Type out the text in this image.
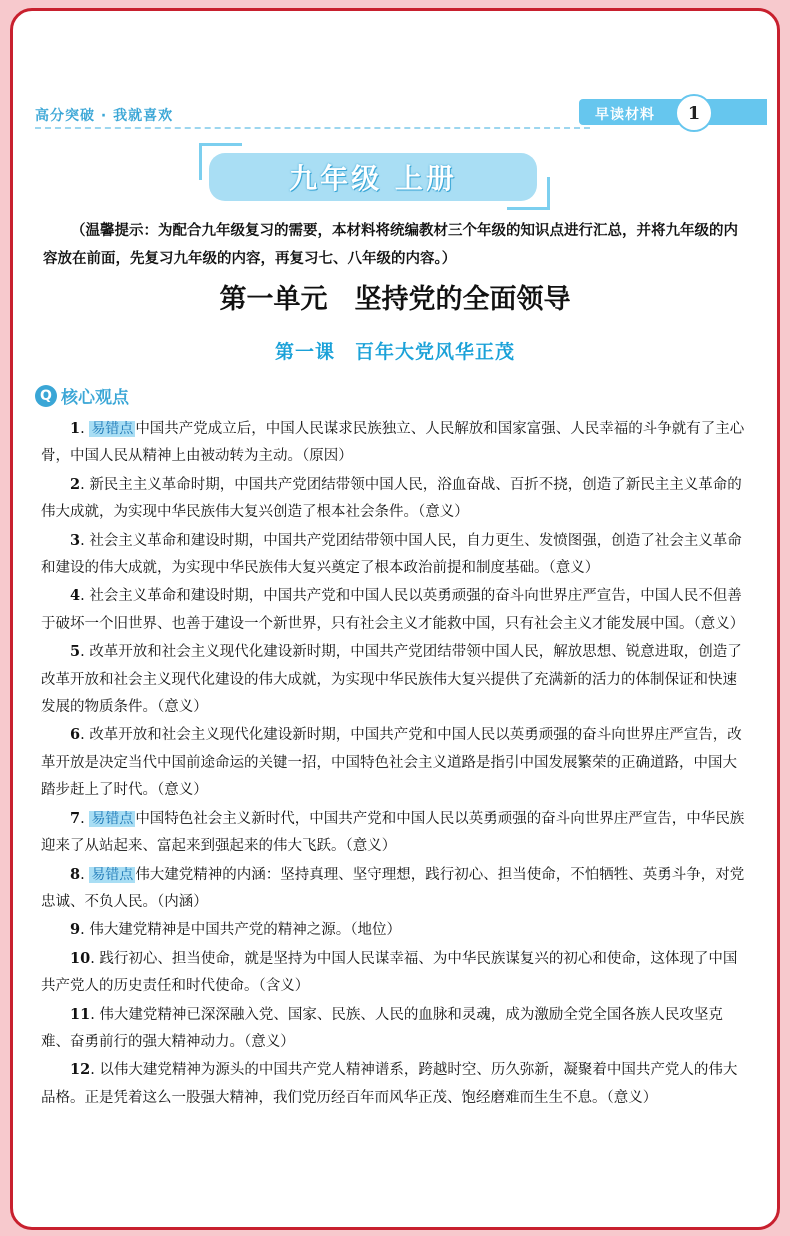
高分突破 · 我就喜欢	早读材料	1
九年级 上册
（温馨提示：为配合九年级复习的需要，本材料将统编教材三个年级的知识点进行汇总，并将九年级的内容放在前面，先复习九年级的内容，再复习七、八年级的内容。）
第一单元　坚持党的全面领导
第一课　百年大党风华正茂
Q 核心观点

1. 易错点 中国共产党成立后，中国人民谋求民族独立、人民解放和国家富强、人民幸福的斗争就有了主心骨，中国人民从精神上由被动转为主动。（原因）

2. 新民主主义革命时期，中国共产党团结带领中国人民，浴血奋战、百折不挠，创造了新民主主义革命的伟大成就，为实现中华民族伟大复兴创造了根本社会条件。（意义）

3. 社会主义革命和建设时期，中国共产党团结带领中国人民，自力更生、发愤图强，创造了社会主义革命和建设的伟大成就，为实现中华民族伟大复兴奠定了根本政治前提和制度基础。（意义）

4. 社会主义革命和建设时期，中国共产党和中国人民以英勇顽强的奋斗向世界庄严宣告，中国人民不但善于破坏一个旧世界、也善于建设一个新世界，只有社会主义才能救中国，只有社会主义才能发展中国。（意义）

5. 改革开放和社会主义现代化建设新时期，中国共产党团结带领中国人民，解放思想、锐意进取，创造了改革开放和社会主义现代化建设的伟大成就，为实现中华民族伟大复兴提供了充满新的活力的体制保证和快速发展的物质条件。（意义）

6. 改革开放和社会主义现代化建设新时期，中国共产党和中国人民以英勇顽强的奋斗向世界庄严宣告，改革开放是决定当代中国前途命运的关键一招，中国特色社会主义道路是指引中国发展繁荣的正确道路，中国大踏步赶上了时代。（意义）

7. 易错点 中国特色社会主义新时代，中国共产党和中国人民以英勇顽强的奋斗向世界庄严宣告，中华民族迎来了从站起来、富起来到强起来的伟大飞跃。（意义）

8. 易错点 伟大建党精神的内涵：坚持真理、坚守理想，践行初心、担当使命，不怕牺牲、英勇斗争，对党忠诚、不负人民。（内涵）

9. 伟大建党精神是中国共产党的精神之源。（地位）

10. 践行初心、担当使命，就是坚持为中国人民谋幸福、为中华民族谋复兴的初心和使命，这体现了中国共产党人的历史责任和时代使命。（含义）

11. 伟大建党精神已深深融入党、国家、民族、人民的血脉和灵魂，成为激励全党全国各族人民攻坚克难、奋勇前行的强大精神动力。（意义）

12. 以伟大建党精神为源头的中国共产党人精神谱系，跨越时空、历久弥新，凝聚着中国共产党人的伟大品格。正是凭着这么一股强大精神，我们党历经百年而风华正茂、饱经磨难而生生不息。（意义）
